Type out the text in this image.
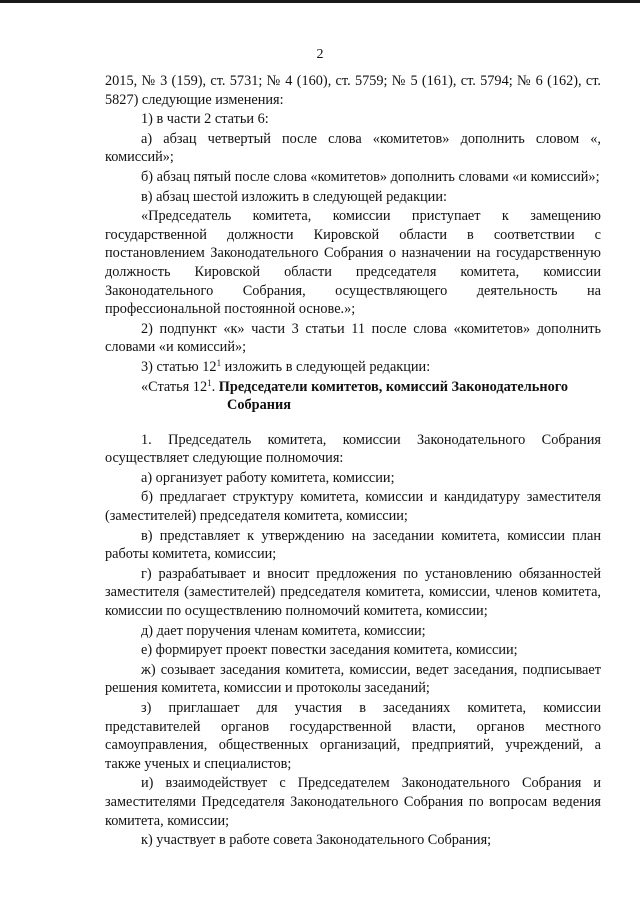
2

2015, № 3 (159), ст. 5731; № 4 (160), ст. 5759; № 5 (161), ст. 5794; № 6 (162), ст. 5827) следующие изменения:

1) в части 2 статьи 6:

а) абзац четвертый после слова «комитетов» дополнить словом «, комиссий»;

б) абзац пятый после слова «комитетов» дополнить словами «и комиссий»;

в) абзац шестой изложить в следующей редакции:

«Председатель комитета, комиссии приступает к замещению государственной должности Кировской области в соответствии с постановлением Законодательного Собрания о назначении на государственную должность Кировской области председателя комитета, комиссии Законодательного Собрания, осуществляющего деятельность на профессиональной постоянной основе.»;

2) подпункт «к» части 3 статьи 11 после слова «комитетов» дополнить словами «и комиссий»;

3) статью $12^1$ изложить в следующей редакции:

«Статья $12^1$. Председатели комитетов, комиссий Законодательного
Собрания

1. Председатель комитета, комиссии Законодательного Собрания осуществляет следующие полномочия:

а) организует работу комитета, комиссии;

б) предлагает структуру комитета, комиссии и кандидатуру заместителя (заместителей) председателя комитета, комиссии;

в) представляет к утверждению на заседании комитета, комиссии план работы комитета, комиссии;

г) разрабатывает и вносит предложения по установлению обязанностей заместителя (заместителей) председателя комитета, комиссии, членов комитета, комиссии по осуществлению полномочий комитета, комиссии;

д) дает поручения членам комитета, комиссии;

е) формирует проект повестки заседания комитета, комиссии;

ж) созывает заседания комитета, комиссии, ведет заседания, подписывает решения комитета, комиссии и протоколы заседаний;

з) приглашает для участия в заседаниях комитета, комиссии представителей органов государственной власти, органов местного самоуправления, общественных организаций, предприятий, учреждений, а также ученых и специалистов;

и) взаимодействует с Председателем Законодательного Собрания и заместителями Председателя Законодательного Собрания по вопросам ведения комитета, комиссии;

к) участвует в работе совета Законодательного Собрания;
